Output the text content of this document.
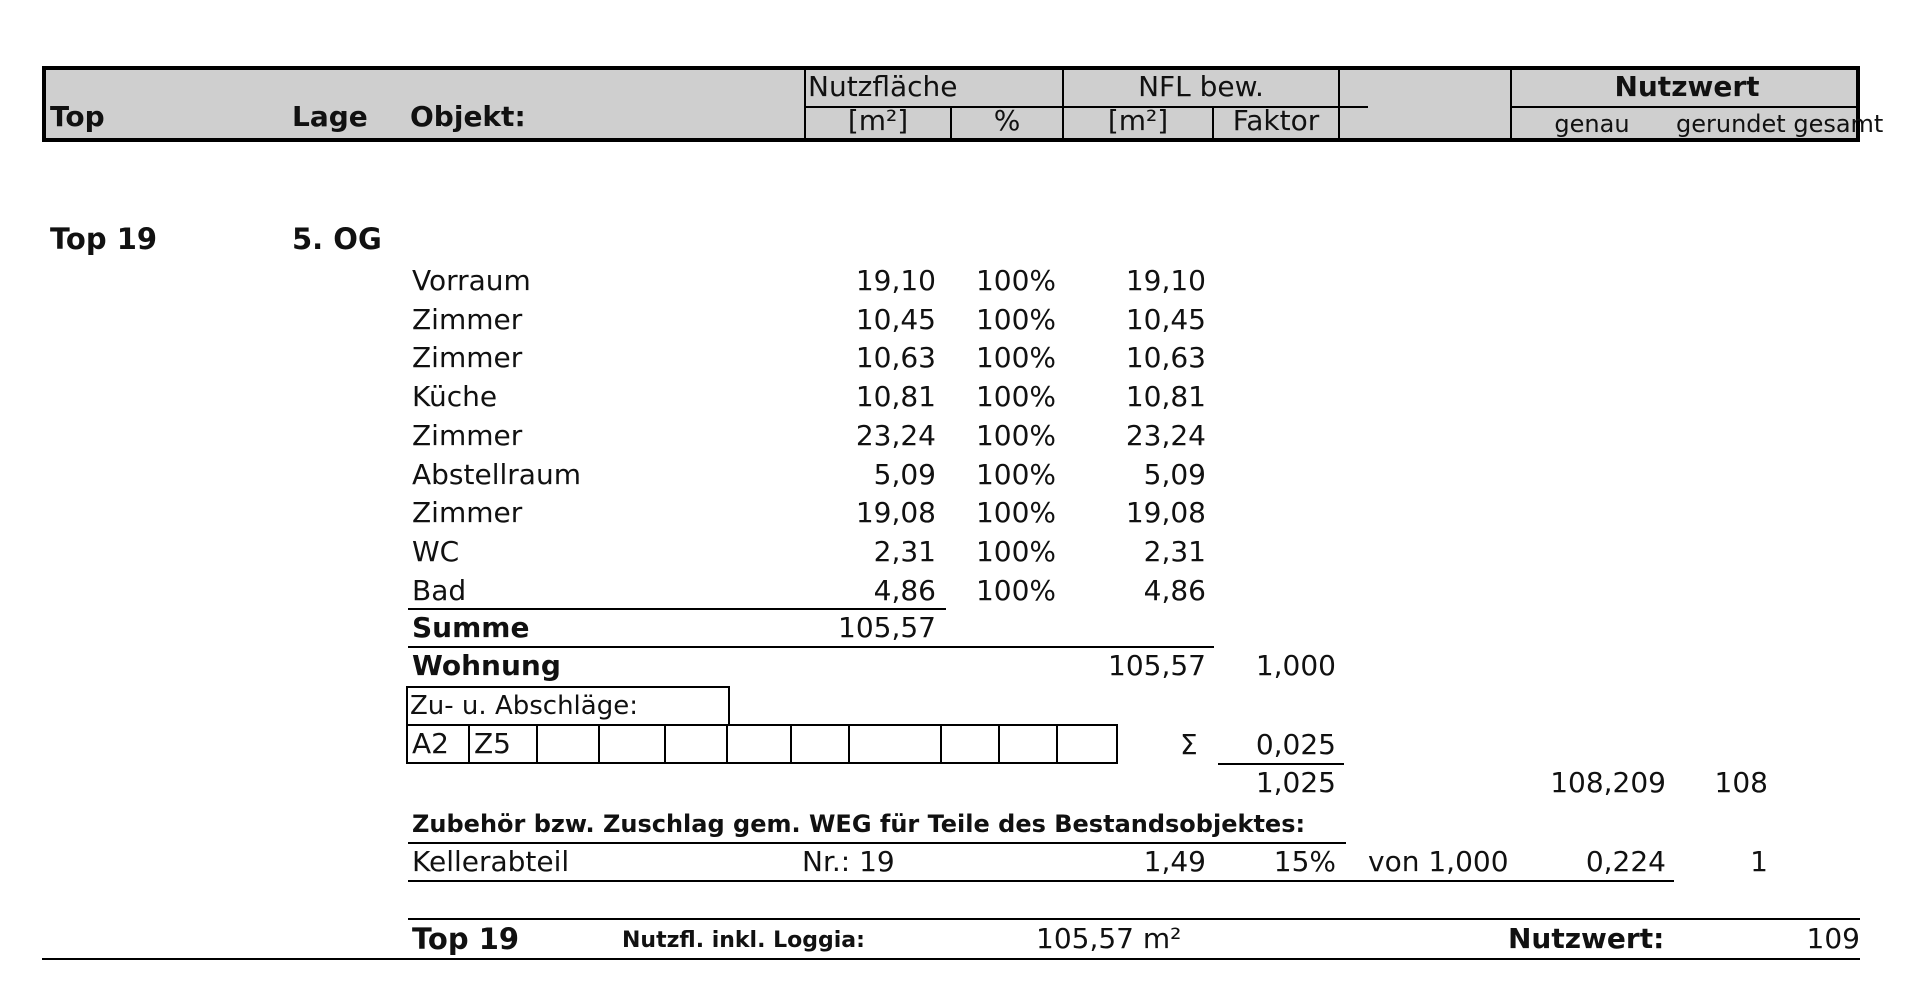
Top	Lage Objekt:
Nutzfläche
[m²]	%
NFL bew.
[m²]	Faktor
Nutzwert
genau	gerundet gesamt
Top 19	5. OG
Vorraum	19,10	100%	19,10
Zimmer	10,45	100%	10,45
Zimmer	10,63	100%	10,63
Küche	10,81	100%	10,81
Zimmer	23,24	100%	23,24
Abstellraum	5,09	100%	5,09
Zimmer	19,08	100%	19,08
WC	2,31	100%	2,31
Bad	4,86	100%	4,86
Summe	105,57
Wohnung	105,57	1,000
Zu- u. Abschläge:
A2 Z5	Σ	0,025
1,025	108,209	108
Zubehör bzw. Zuschlag gem. WEG für Teile des Bestandsobjektes:
Kellerabteil	Nr.: 19	1,49	15% von 1,000	0,224	1
Top 19	Nutzfl. inkl. Loggia:	105,57 m²	Nutzwert:	109
